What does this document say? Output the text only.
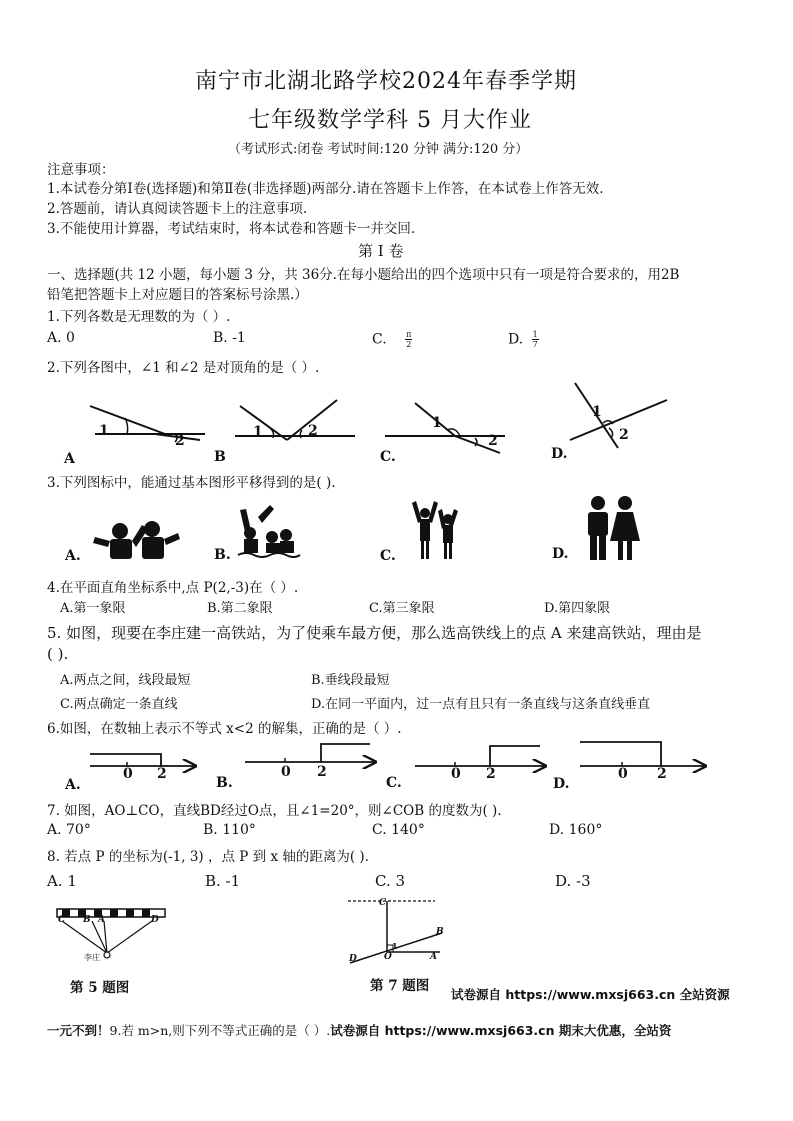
南宁市北湖北路学校2024年春季学期
七年级数学学科 5 月大作业
（考试形式:闭卷 考试时间:120 分钟 满分:120 分）
注意事项：
1.本试卷分第Ⅰ卷(选择题)和第Ⅱ卷(非选择题)两部分.请在答题卡上作答，在本试卷上作答无效.
2.答题前，请认真阅读答题卡上的注意事项.
3.不能使用计算器，考试结束时，将本试卷和答题卡一并交回.
第 Ⅰ 卷
一、选择题(共 12 小题，每小题 3 分，共 36分.在每小题给出的四个选项中只有一项是符合要求的，用2B
铅笔把答题卡上对应题目的答案标号涂黑.）
1.下列各数是无理数的为（ ）.
A. 0	B. -1	C. $\frac{\pi}{2}$	D. $\frac{1}{7}$
2.下列各图中，∠1 和∠2 是对顶角的是（ ）.
1
2
1	2	1
2
1
2
A	B	C.	D.
3.下列图标中，能通过基本图形平移得到的是( ).
A.	B.	C.	D.
4.在平面直角坐标系中,点 P(2,-3)在（ ）.
A.第一象限	B.第二象限	C.第三象限	D.第四象限
5. 如图，现要在李庄建一高铁站，为了使乘车最方便，那么选高铁线上的点 A 来建高铁站，理由是
( ).
A.两点之间，线段最短	B.垂线段最短
C.两点确定一条直线	D.在同一平面内，过一点有且只有一条直线与这条直线垂直
6.如图，在数轴上表示不等式 x<2 的解集，正确的是（ ）.
0 2	0 2	0 2	0 2
A.	B.	C.	D.
7. 如图，AO⊥CO，直线BD经过O点，且∠1=20°，则∠COB 的度数为( ).
A. 70°	B. 110°	C. 140°	D. 160°
8. 若点 P 的坐标为(-1, 3) ，点 P 到 x 轴的距离为( ).
A. 1	B. -1	C. 3	D. -3
C B A	D
李庄
第 5 题图
C
B
D	O	A
1
第 7 题图
试卷源自 https://www.mxsj663.cn 全站资源
一元不到！9.若 m>n,则下列不等式正确的是（ ）.试卷源自 https://www.mxsj663.cn 期末大优惠，全站资
